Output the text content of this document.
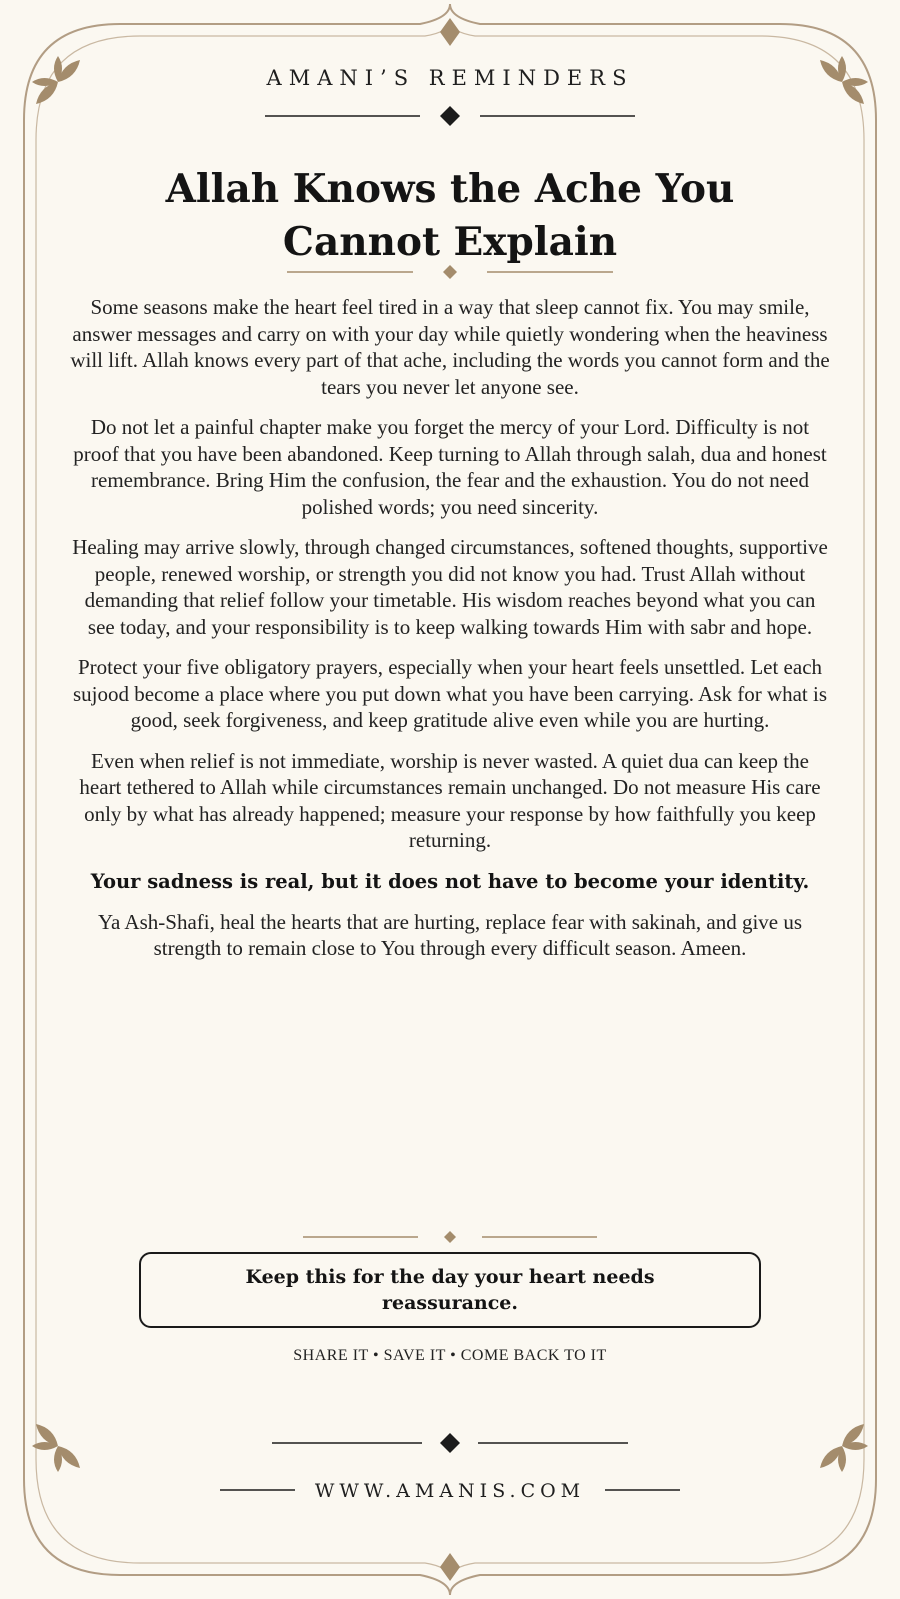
AMANI’S REMINDERS
Allah Knows the Ache You Cannot Explain

Some seasons make the heart feel tired in a way that sleep cannot fix. You may smile, answer messages and carry on with your day while quietly wondering when the heaviness will lift. Allah knows every part of that ache, including the words you cannot form and the tears you never let anyone see.

Do not let a painful chapter make you forget the mercy of your Lord. Difficulty is not proof that you have been abandoned. Keep turning to Allah through salah, dua and honest remembrance. Bring Him the confusion, the fear and the exhaustion. You do not need polished words; you need sincerity.

Healing may arrive slowly, through changed circumstances, softened thoughts, supportive people, renewed worship, or strength you did not know you had. Trust Allah without demanding that relief follow your timetable. His wisdom reaches beyond what you can see today, and your responsibility is to keep walking towards Him with sabr and hope.

Protect your five obligatory prayers, especially when your heart feels unsettled. Let each sujood become a place where you put down what you have been carrying. Ask for what is good, seek forgiveness, and keep gratitude alive even while you are hurting.

Even when relief is not immediate, worship is never wasted. A quiet dua can keep the heart tethered to Allah while circumstances remain unchanged. Do not measure His care only by what has already happened; measure your response by how faithfully you keep returning.

Your sadness is real, but it does not have to become your identity.

Ya Ash-Shafi, heal the hearts that are hurting, replace fear with sakinah, and give us strength to remain close to You through every difficult season. Ameen.

Keep this for the day your heart needs reassurance.
SHARE IT • SAVE IT • COME BACK TO IT
WWW.AMANIS.COM
